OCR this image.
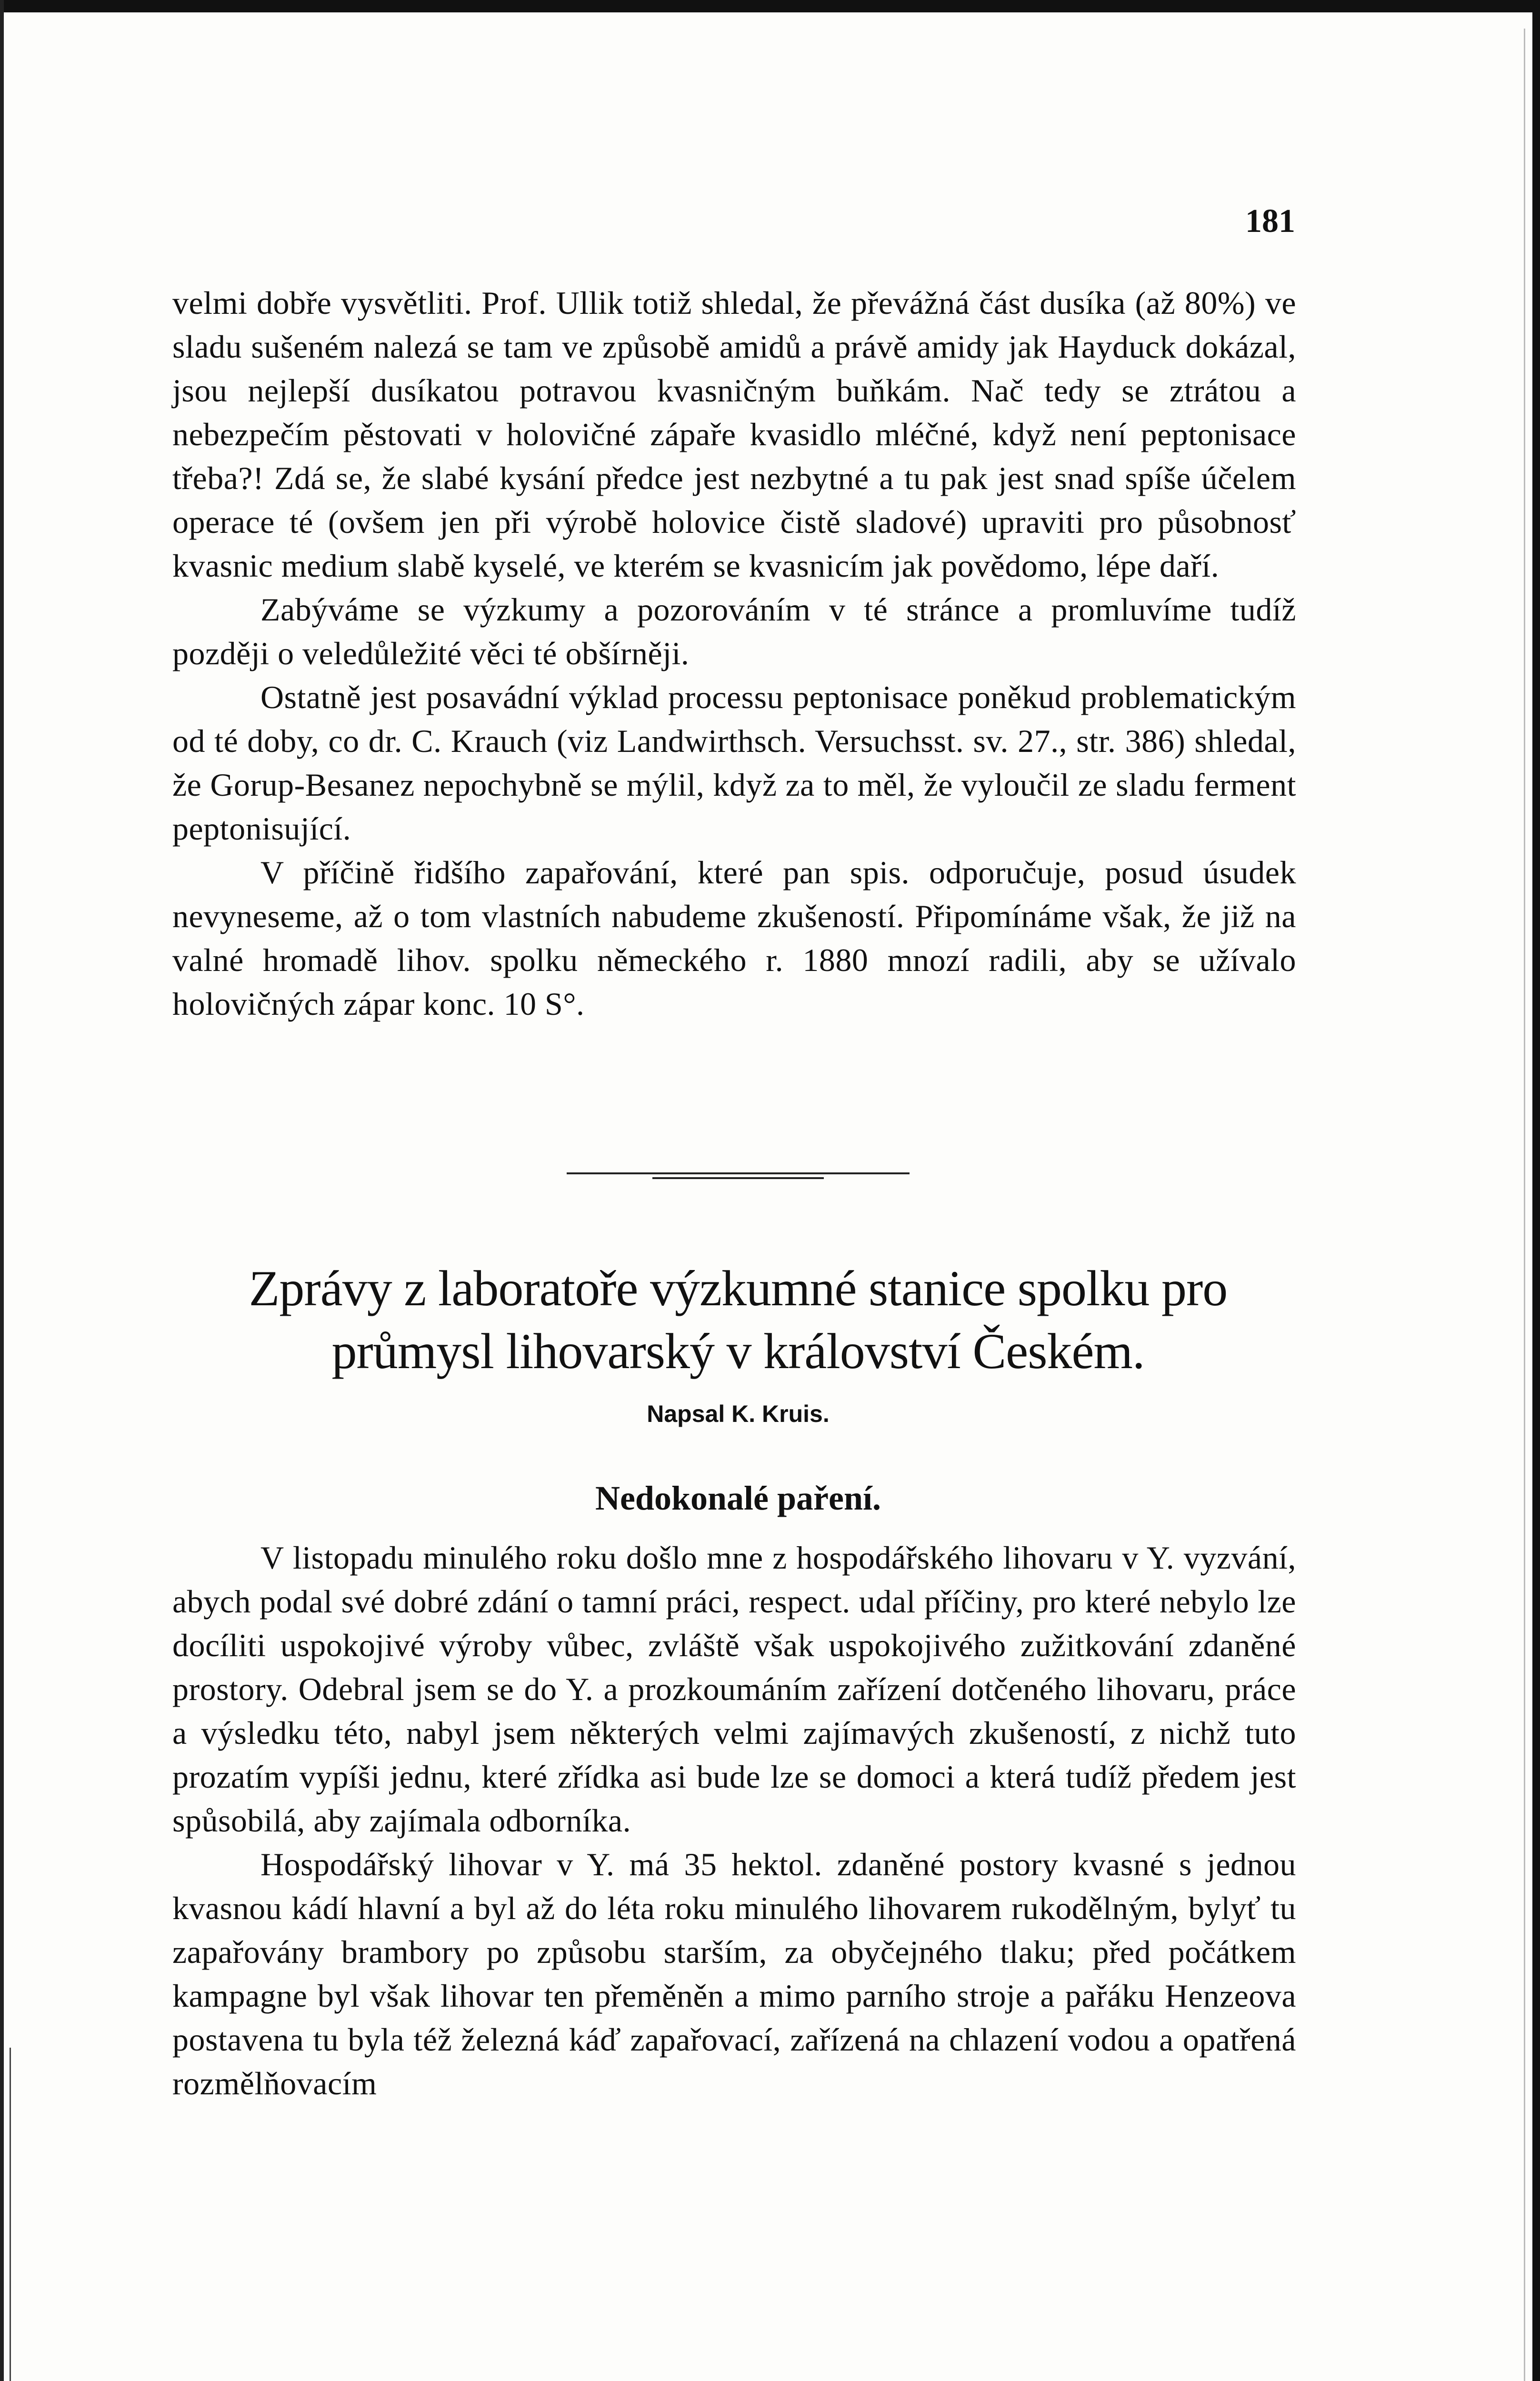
181

velmi dobře vysvětliti. Prof. Ullik totiž shledal, že převážná část dusíka (až 80%) ve sladu sušeném nalezá se tam ve způsobě amidů a právě amidy jak Hayduck dokázal, jsou nejlepší dusíkatou potravou kvasničným buňkám. Nač tedy se ztrátou a nebezpečím pěstovati v holovičné zápaře kvasidlo mléčné, když není peptonisace třeba?! Zdá se, že slabé kysání předce jest nezbytné a tu pak jest snad spíše účelem operace té (ovšem jen při výrobě holovice čistě sladové) upraviti pro působnosť kvasnic medium slabě kyselé, ve kterém se kvasnicím jak povědomo, lépe daří.

Zabýváme se výzkumy a pozorováním v té stránce a promluvíme tudíž později o veledůležité věci té obšírněji.

Ostatně jest posavádní výklad processu peptonisace poněkud problematickým od té doby, co dr. C. Krauch (viz Landwirthsch. Versuchsst. sv. 27., str. 386) shledal, že Gorup-Besanez nepochybně se mýlil, když za to měl, že vyloučil ze sladu ferment peptonisující.

V příčině řidšího zapařování, které pan spis. odporučuje, posud úsudek nevyneseme, až o tom vlastních nabudeme zkušeností. Připomínáme však, že již na valné hromadě lihov. spolku německého r. 1880 mnozí radili, aby se užívalo holovičných zápar konc. 10 S°.

Zprávy z laboratoře výzkumné stanice spolku pro
průmysl lihovarský v království Českém.
Napsal K. Kruis.
Nedokonalé paření.

V listopadu minulého roku došlo mne z hospodářského lihovaru v Y. vyzvání, abych podal své dobré zdání o tamní práci, respect. udal příčiny, pro které nebylo lze docíliti uspokojivé výroby vůbec, zvláště však uspokojivého zužitkování zdaněné prostory. Odebral jsem se do Y. a prozkoumáním zařízení dotčeného lihovaru, práce a výsledku této, nabyl jsem některých velmi zajímavých zkušeností, z nichž tuto prozatím vypíši jednu, které zřídka asi bude lze se domoci a která tudíž předem jest spůsobilá, aby zajímala odborníka.

Hospodářský lihovar v Y. má 35 hektol. zdaněné postory kvasné s jednou kvasnou kádí hlavní a byl až do léta roku minulého lihovarem rukodělným, bylyť tu zapařovány brambory po způsobu starším, za obyčejného tlaku; před počátkem kampagne byl však lihovar ten přeměněn a mimo parního stroje a pařáku Henzeova postavena tu byla též železná káď zapařovací, zařízená na chlazení vodou a opatřená rozmělňovacím
